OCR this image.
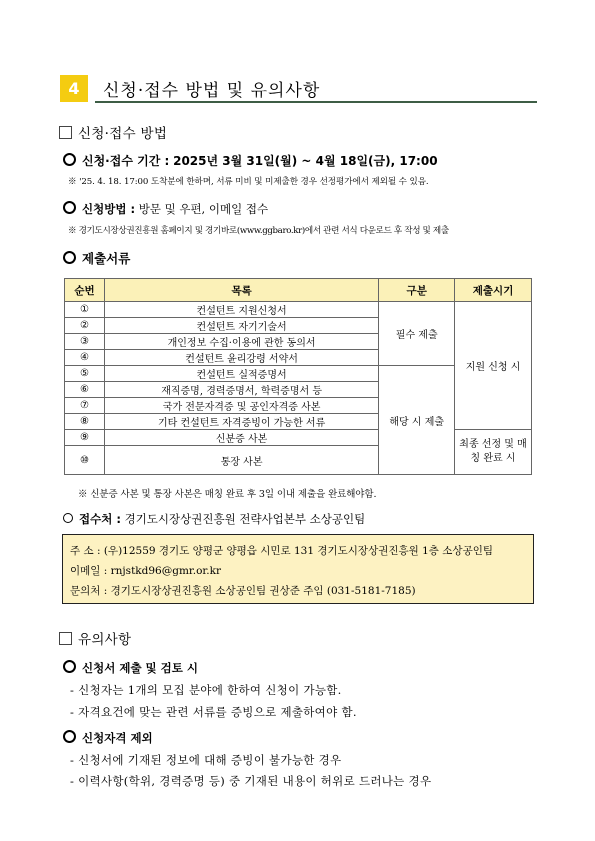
4	신청·접수 방법 및 유의사항
신청·접수 방법
신청·접수 기간 : 2025년 3월 31일(월) ~ 4월 18일(금), 17:00
※ '25. 4. 18. 17:00 도착분에 한하며, 서류 미비 및 미제출한 경우 선정평가에서 제외될 수 있음.
신청방법 : 방문 및 우편, 이메일 접수
※ 경기도시장상권진흥원 홈페이지 및 경기바로(www.ggbaro.kr)에서 관련 서식 다운로드 후 작성 및 제출
제출서류
순번	목록	구분	제출시기
①	컨설턴트 지원신청서	필수 제출	지원 신청 시
②	컨설턴트 자기기술서		
③	개인정보 수집·이용에 관한 동의서		
④	컨설턴트 윤리강령 서약서		
⑤	컨설턴트 실적증명서	해당 시 제출	
⑥	재직증명, 경력증명서, 학력증명서 등		
⑦	국가 전문자격증 및 공인자격증 사본		
⑧	기타 컨설턴트 자격증빙이 가능한 서류		
⑨	신분증 사본		최종 선정 및 매칭 완료 시
⑩	통장 사본		
※ 신분증 사본 및 통장 사본은 매칭 완료 후 3일 이내 제출을 완료해야함.
접수처 : 경기도시장상권진흥원 전략사업본부 소상공인팀
주 소 : (우)12559 경기도 양평군 양평읍 시민로 131 경기도시장상권진흥원 1층 소상공인팀
이메일 : rnjstkd96@gmr.or.kr
문의처 : 경기도시장상권진흥원 소상공인팀 권상준 주임 (031-5181-7185)
유의사항
신청서 제출 및 검토 시
- 신청자는 1개의 모집 분야에 한하여 신청이 가능함.
- 자격요건에 맞는 관련 서류를 증빙으로 제출하여야 함.
신청자격 제외
- 신청서에 기재된 정보에 대해 증빙이 불가능한 경우
- 이력사항(학위, 경력증명 등) 중 기재된 내용이 허위로 드러나는 경우
